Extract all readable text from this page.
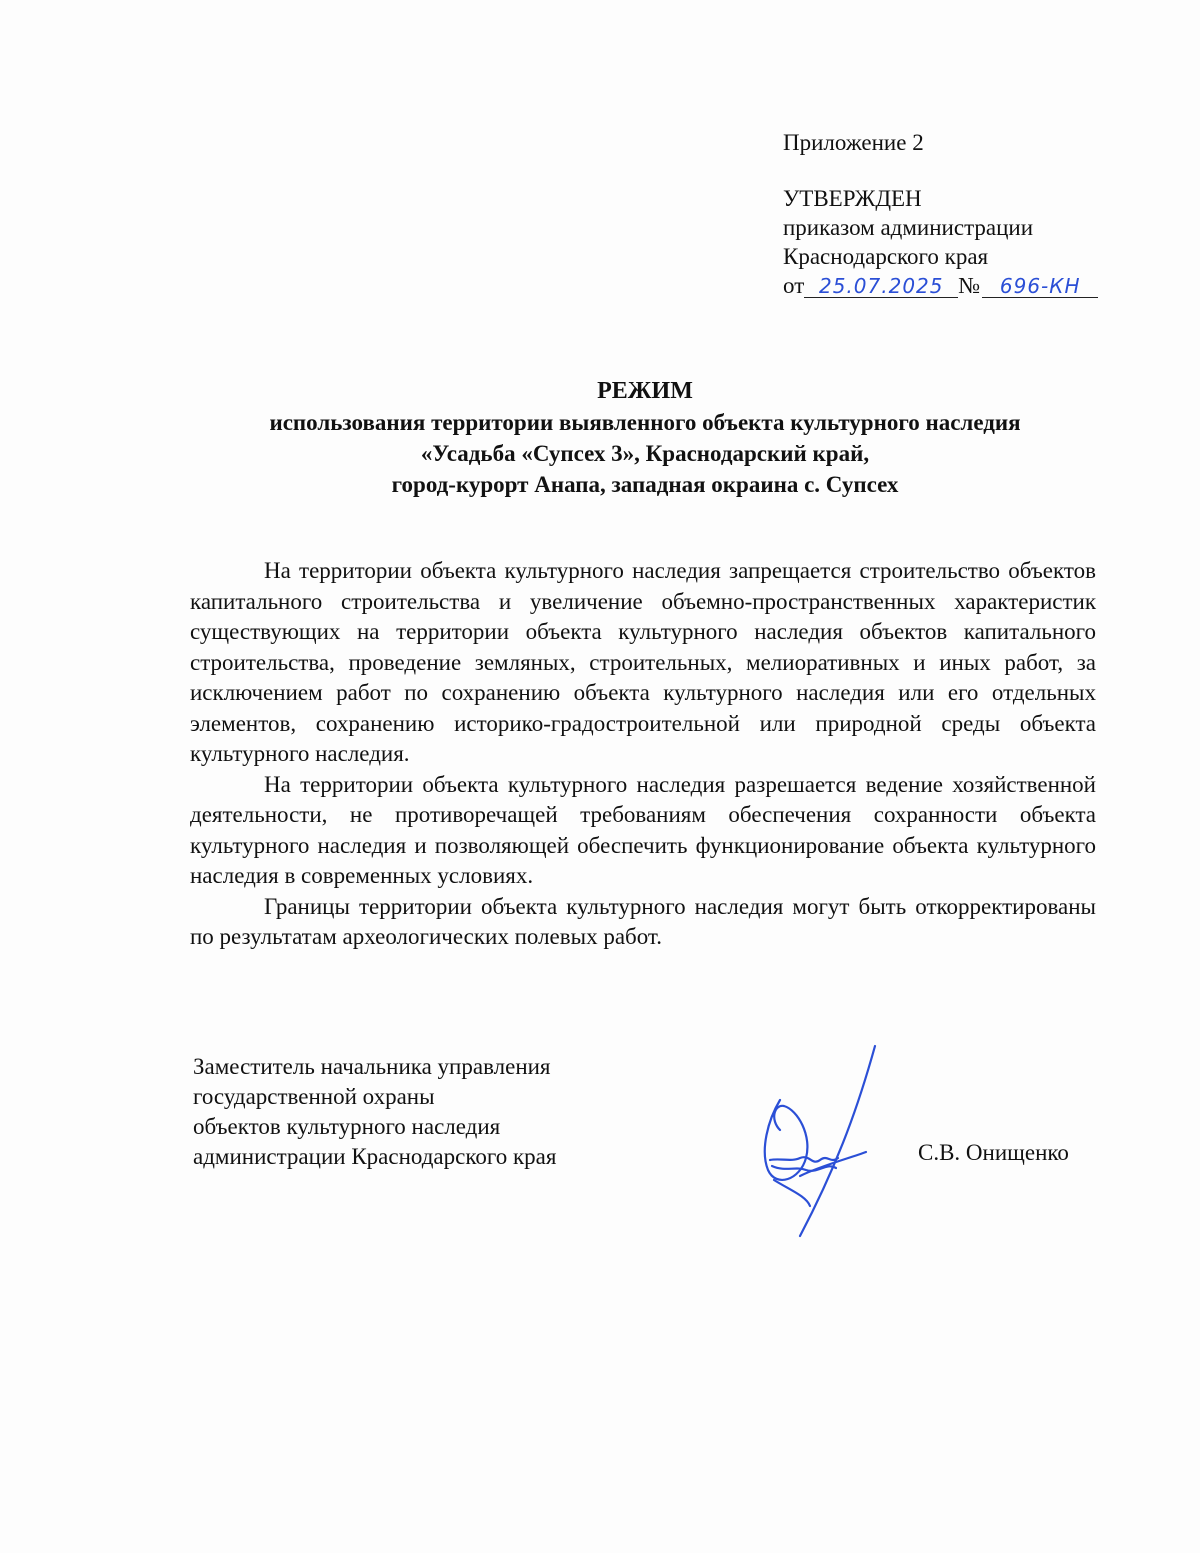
Приложение 2
УТВЕРЖДЕН
приказом администрации
Краснодарского края
от 25.07.2025 № 696-КН
РЕЖИМ
использования территории выявленного объекта культурного наследия
«Усадьба «Супсех 3», Краснодарский край,
город-курорт Анапа, западная окраина с. Супсех

На территории объекта культурного наследия запрещается строительство объектов капитального строительства и увеличение объемно-пространственных характеристик существующих на территории объекта культурного наследия объектов капитального строительства, проведение земляных, строительных, мелиоративных и иных работ, за исключением работ по сохранению объекта культурного наследия или его отдельных элементов, сохранению историко-градостроительной или природной среды объекта культурного наследия.

На территории объекта культурного наследия разрешается ведение хозяйственной деятельности, не противоречащей требованиям обеспечения сохранности объекта культурного наследия и позволяющей обеспечить функционирование объекта культурного наследия в современных условиях.

Границы территории объекта культурного наследия могут быть откорректированы по результатам археологических полевых работ.

Заместитель начальника управления
государственной охраны
объектов культурного наследия
администрации Краснодарского края	С.В. Онищенко
